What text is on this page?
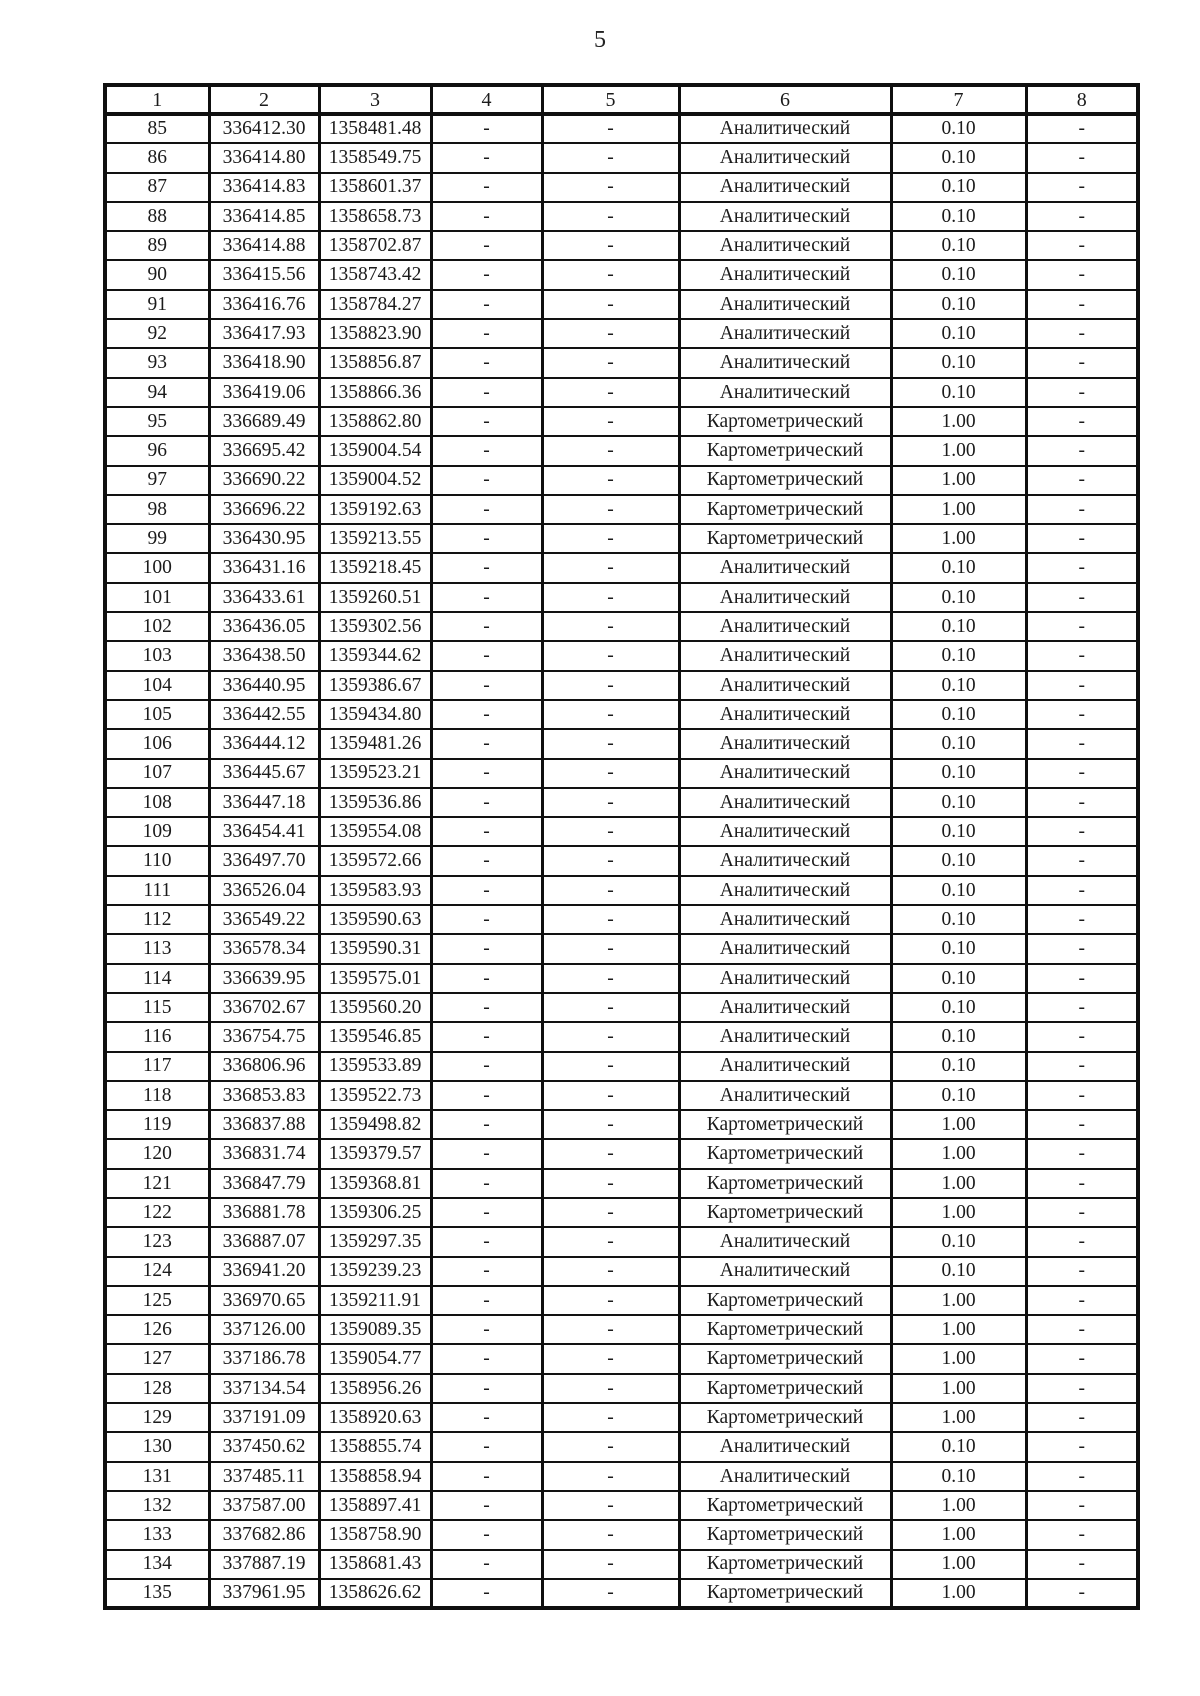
5
1	2	3	4	5	6	7	8
85	336412.30	1358481.48	-	-	Аналитический	0.10	-
86	336414.80	1358549.75	-	-	Аналитический	0.10	-
87	336414.83	1358601.37	-	-	Аналитический	0.10	-
88	336414.85	1358658.73	-	-	Аналитический	0.10	-
89	336414.88	1358702.87	-	-	Аналитический	0.10	-
90	336415.56	1358743.42	-	-	Аналитический	0.10	-
91	336416.76	1358784.27	-	-	Аналитический	0.10	-
92	336417.93	1358823.90	-	-	Аналитический	0.10	-
93	336418.90	1358856.87	-	-	Аналитический	0.10	-
94	336419.06	1358866.36	-	-	Аналитический	0.10	-
95	336689.49	1358862.80	-	-	Картометрический	1.00	-
96	336695.42	1359004.54	-	-	Картометрический	1.00	-
97	336690.22	1359004.52	-	-	Картометрический	1.00	-
98	336696.22	1359192.63	-	-	Картометрический	1.00	-
99	336430.95	1359213.55	-	-	Картометрический	1.00	-
100	336431.16	1359218.45	-	-	Аналитический	0.10	-
101	336433.61	1359260.51	-	-	Аналитический	0.10	-
102	336436.05	1359302.56	-	-	Аналитический	0.10	-
103	336438.50	1359344.62	-	-	Аналитический	0.10	-
104	336440.95	1359386.67	-	-	Аналитический	0.10	-
105	336442.55	1359434.80	-	-	Аналитический	0.10	-
106	336444.12	1359481.26	-	-	Аналитический	0.10	-
107	336445.67	1359523.21	-	-	Аналитический	0.10	-
108	336447.18	1359536.86	-	-	Аналитический	0.10	-
109	336454.41	1359554.08	-	-	Аналитический	0.10	-
110	336497.70	1359572.66	-	-	Аналитический	0.10	-
111	336526.04	1359583.93	-	-	Аналитический	0.10	-
112	336549.22	1359590.63	-	-	Аналитический	0.10	-
113	336578.34	1359590.31	-	-	Аналитический	0.10	-
114	336639.95	1359575.01	-	-	Аналитический	0.10	-
115	336702.67	1359560.20	-	-	Аналитический	0.10	-
116	336754.75	1359546.85	-	-	Аналитический	0.10	-
117	336806.96	1359533.89	-	-	Аналитический	0.10	-
118	336853.83	1359522.73	-	-	Аналитический	0.10	-
119	336837.88	1359498.82	-	-	Картометрический	1.00	-
120	336831.74	1359379.57	-	-	Картометрический	1.00	-
121	336847.79	1359368.81	-	-	Картометрический	1.00	-
122	336881.78	1359306.25	-	-	Картометрический	1.00	-
123	336887.07	1359297.35	-	-	Аналитический	0.10	-
124	336941.20	1359239.23	-	-	Аналитический	0.10	-
125	336970.65	1359211.91	-	-	Картометрический	1.00	-
126	337126.00	1359089.35	-	-	Картометрический	1.00	-
127	337186.78	1359054.77	-	-	Картометрический	1.00	-
128	337134.54	1358956.26	-	-	Картометрический	1.00	-
129	337191.09	1358920.63	-	-	Картометрический	1.00	-
130	337450.62	1358855.74	-	-	Аналитический	0.10	-
131	337485.11	1358858.94	-	-	Аналитический	0.10	-
132	337587.00	1358897.41	-	-	Картометрический	1.00	-
133	337682.86	1358758.90	-	-	Картометрический	1.00	-
134	337887.19	1358681.43	-	-	Картометрический	1.00	-
135	337961.95	1358626.62	-	-	Картометрический	1.00	-
